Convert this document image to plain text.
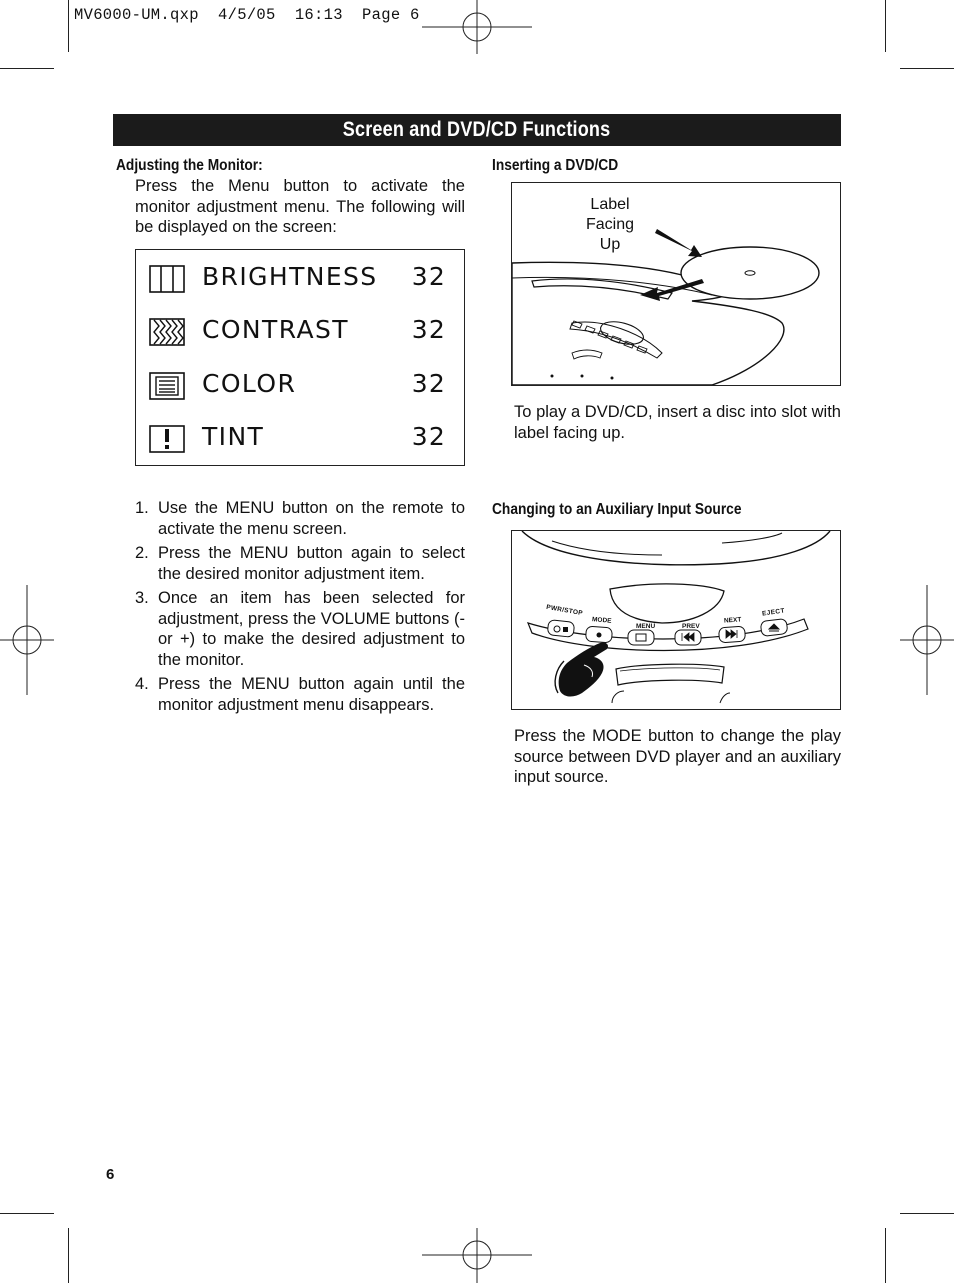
MV6000-UM.qxp  4/5/05  16:13  Page 6
Screen and DVD/CD Functions
Adjusting the Monitor:
Press the Menu button to activate the monitor adjustment menu. The following will be displayed on the screen:
BRIGHTNESS 32
CONTRAST	32
COLOR	32
TINT	32
1. Use the MENU button on the remote to activate the menu screen.
2. Press the MENU button again to select the desired monitor adjustment item.
3. Once an item has been selected for adjustment, press the VOLUME buttons (- or +) to make the desired adjustment to the monitor.
4. Press the MENU button again until the monitor adjustment menu disappears.
Inserting a DVD/CD
Label
Facing Up
To play a DVD/CD, insert a disc into slot with label facing up.
Changing to an Auxiliary Input Source
PWR/STOP
MODE
MENU	PREV
NEXT
EJECT
Press the MODE button to change the play source between DVD player and an auxiliary input source.
6
